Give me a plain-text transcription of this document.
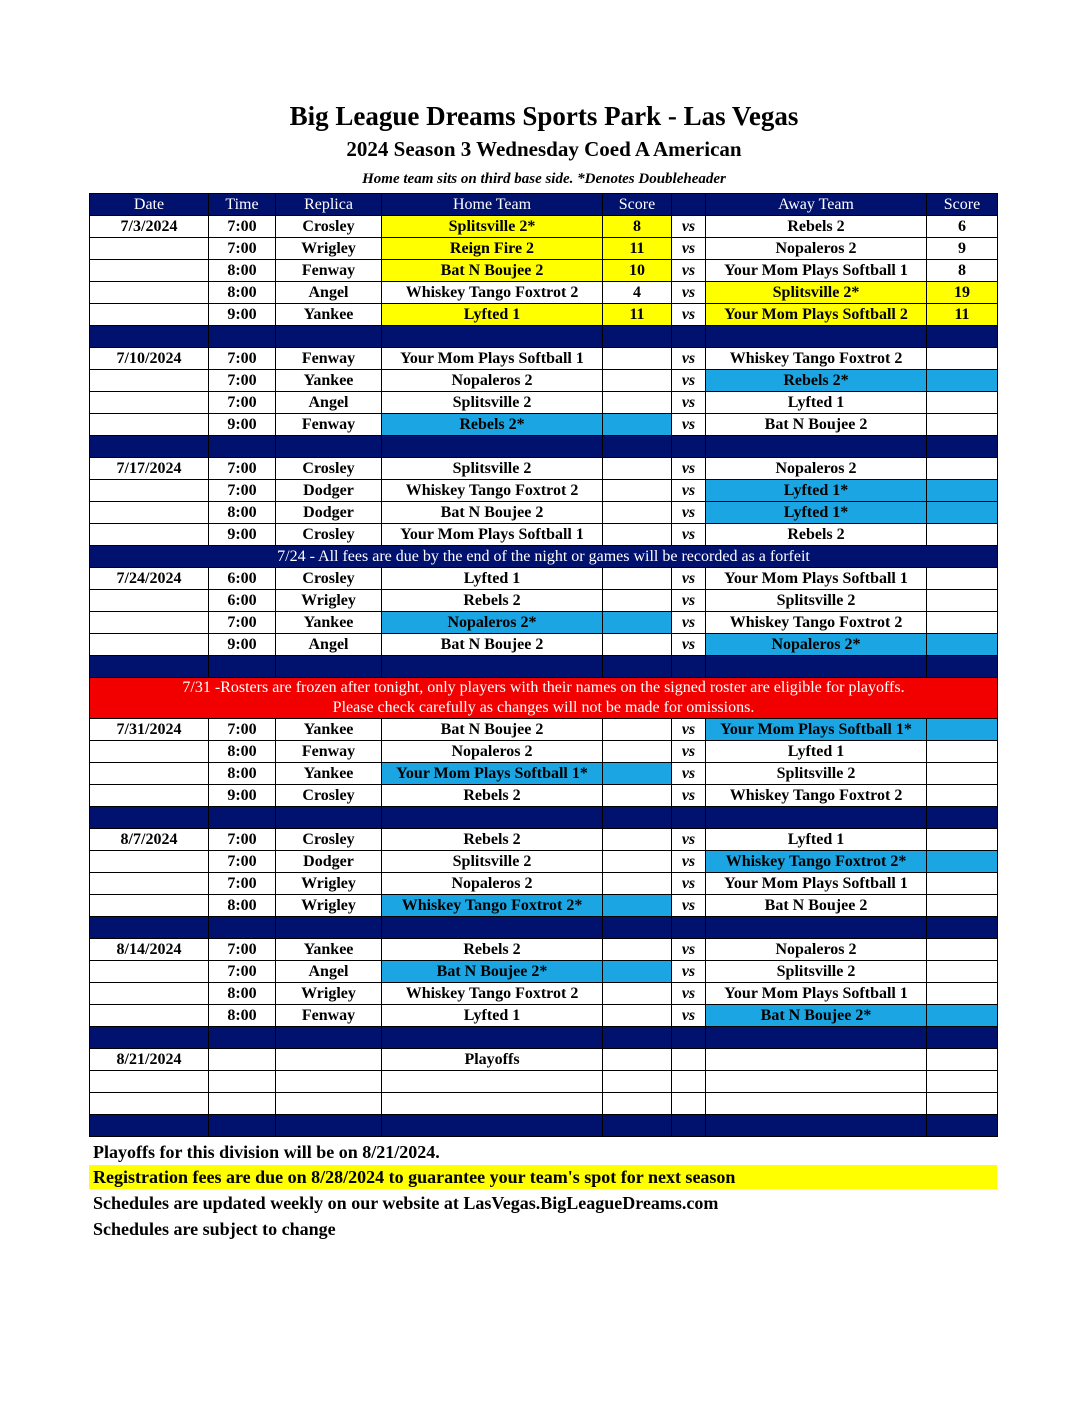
Big League Dreams Sports Park - Las Vegas
2024 Season 3 Wednesday Coed A American
Home team sits on third base side. *Denotes Doubleheader
Date	Time	Replica	Home Team	Score		Away Team	Score
7/3/2024	7:00	Crosley	Splitsville 2*	8	vs	Rebels 2	6
	7:00	Wrigley	Reign Fire 2	11	vs	Nopaleros 2	9
	8:00	Fenway	Bat N Boujee 2	10	vs	Your Mom Plays Softball 1	8
	8:00	Angel	Whiskey Tango Foxtrot 2	4	vs	Splitsville 2*	19
	9:00	Yankee	Lyfted 1	11	vs	Your Mom Plays Softball 2	11

7/10/2024	7:00	Fenway	Your Mom Plays Softball 1		vs	Whiskey Tango Foxtrot 2	
	7:00	Yankee	Nopaleros 2		vs	Rebels 2*	
	7:00	Angel	Splitsville 2		vs	Lyfted 1	
	9:00	Fenway	Rebels 2*		vs	Bat N Boujee 2	

7/17/2024	7:00	Crosley	Splitsville 2		vs	Nopaleros 2	
	7:00	Dodger	Whiskey Tango Foxtrot 2		vs	Lyfted 1*	
	8:00	Dodger	Bat N Boujee 2		vs	Lyfted 1*	
	9:00	Crosley	Your Mom Plays Softball 1		vs	Rebels 2	
7/24 - All fees are due by the end of the night or games will be recorded as a forfeit							
7/24/2024	6:00	Crosley	Lyfted 1		vs	Your Mom Plays Softball 1	
	6:00	Wrigley	Rebels 2		vs	Splitsville 2	
	7:00	Yankee	Nopaleros 2*		vs	Whiskey Tango Foxtrot 2	
	9:00	Angel	Bat N Boujee 2		vs	Nopaleros 2*	

7/31 -Rosters are frozen after tonight, only players with their names on the signed roster are eligible for playoffs.
Please check carefully as changes will not be made for omissions.							

7/31/2024	7:00	Yankee	Bat N Boujee 2		vs	Your Mom Plays Softball 1*	
	8:00	Fenway	Nopaleros 2		vs	Lyfted 1	
	8:00	Yankee	Your Mom Plays Softball 1*		vs	Splitsville 2	
	9:00	Crosley	Rebels 2		vs	Whiskey Tango Foxtrot 2	

8/7/2024	7:00	Crosley	Rebels 2		vs	Lyfted 1	
	7:00	Dodger	Splitsville 2		vs	Whiskey Tango Foxtrot 2*	
	7:00	Wrigley	Nopaleros 2		vs	Your Mom Plays Softball 1	
	8:00	Wrigley	Whiskey Tango Foxtrot 2*		vs	Bat N Boujee 2	

8/14/2024	7:00	Yankee	Rebels 2		vs	Nopaleros 2	
	7:00	Angel	Bat N Boujee 2*		vs	Splitsville 2	
	8:00	Wrigley	Whiskey Tango Foxtrot 2		vs	Your Mom Plays Softball 1	
	8:00	Fenway	Lyfted 1		vs	Bat N Boujee 2*	

8/21/2024			Playoffs				

Playoffs for this division will be on 8/21/2024.
Registration fees are due on 8/28/2024 to guarantee your team's spot for next season
Schedules are updated weekly on our website at LasVegas.BigLeagueDreams.com
Schedules are subject to change
